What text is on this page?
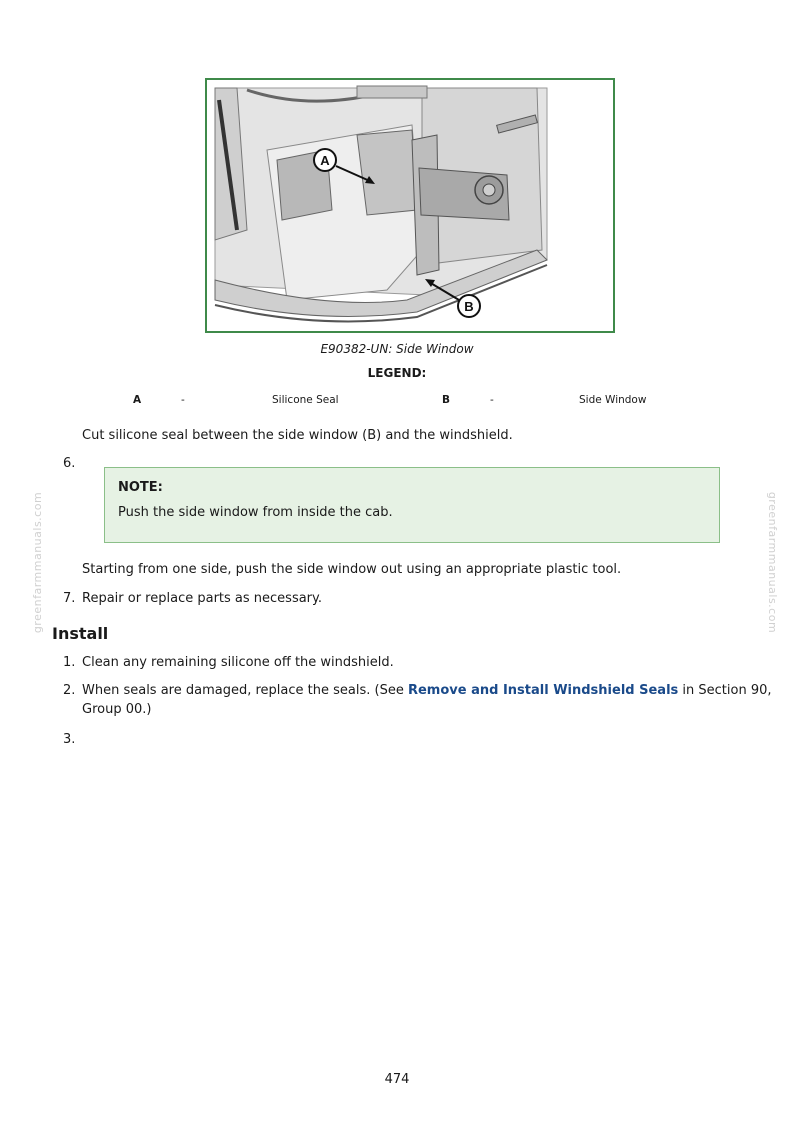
A
B
E90382-UN: Side Window
LEGEND:
A	-	Silicone Seal	B	-	Side Window
Cut silicone seal between the side window (B) and the windshield.
6.
NOTE:
Push the side window from inside the cab.
Starting from one side, push the side window out using an appropriate plastic tool.
7. Repair or replace parts as necessary.
Install
1. Clean any remaining silicone off the windshield.
2. When seals are damaged, replace the seals. (See Remove and Install Windshield Seals in Section 90,
Group 00.)
3.
greenfarmmanuals.com	greenfarmmanuals.com
474
